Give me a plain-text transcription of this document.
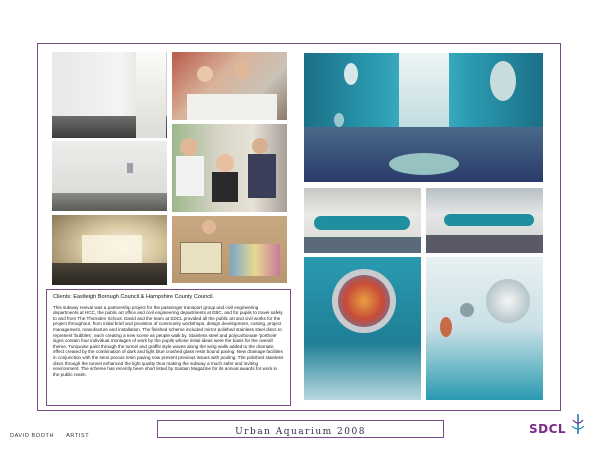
Clients: Eastleigh Borough Council & Hampshire County Council.

This subway revival was a partnership project for the passenger transport group and civil engineering departments at HCC, the public art office and civil engineering departments at EBC, and for pupils to travel safely to and from The Thornden School. David and the team at SDCL provided all the public art and civil works for the project throughout, from initial brief and provision of community workshops, design development, costing, project management, manufacture and installation. The finished scheme included mirror polished stainless steel discs to represent 'bubbles', each creating a new scene as people walk by. Stainless steel and polycarbonate 'porthole' signs contain four individual montages of work by the pupils whose initial ideas were the basis for the overall theme. Turquoise paint through the tunnel and graffiti style waves along the wing walls added to the dramatic effect created by the combination of dark and light blue crushed glass resin bound paving. New drainage facilities in conjunction with the semi porous resin paving now prevent previous issues with pooling. The polished stainless discs through the tunnel enhanced the light quality thus making the subway a much safer and inviting environment. The scheme has recently been short listed by Sustain Magazine for its annual awards for work in the public realm.

Urban Aquarium 2008
DAVID BOOTH ARTIST	SDCL
